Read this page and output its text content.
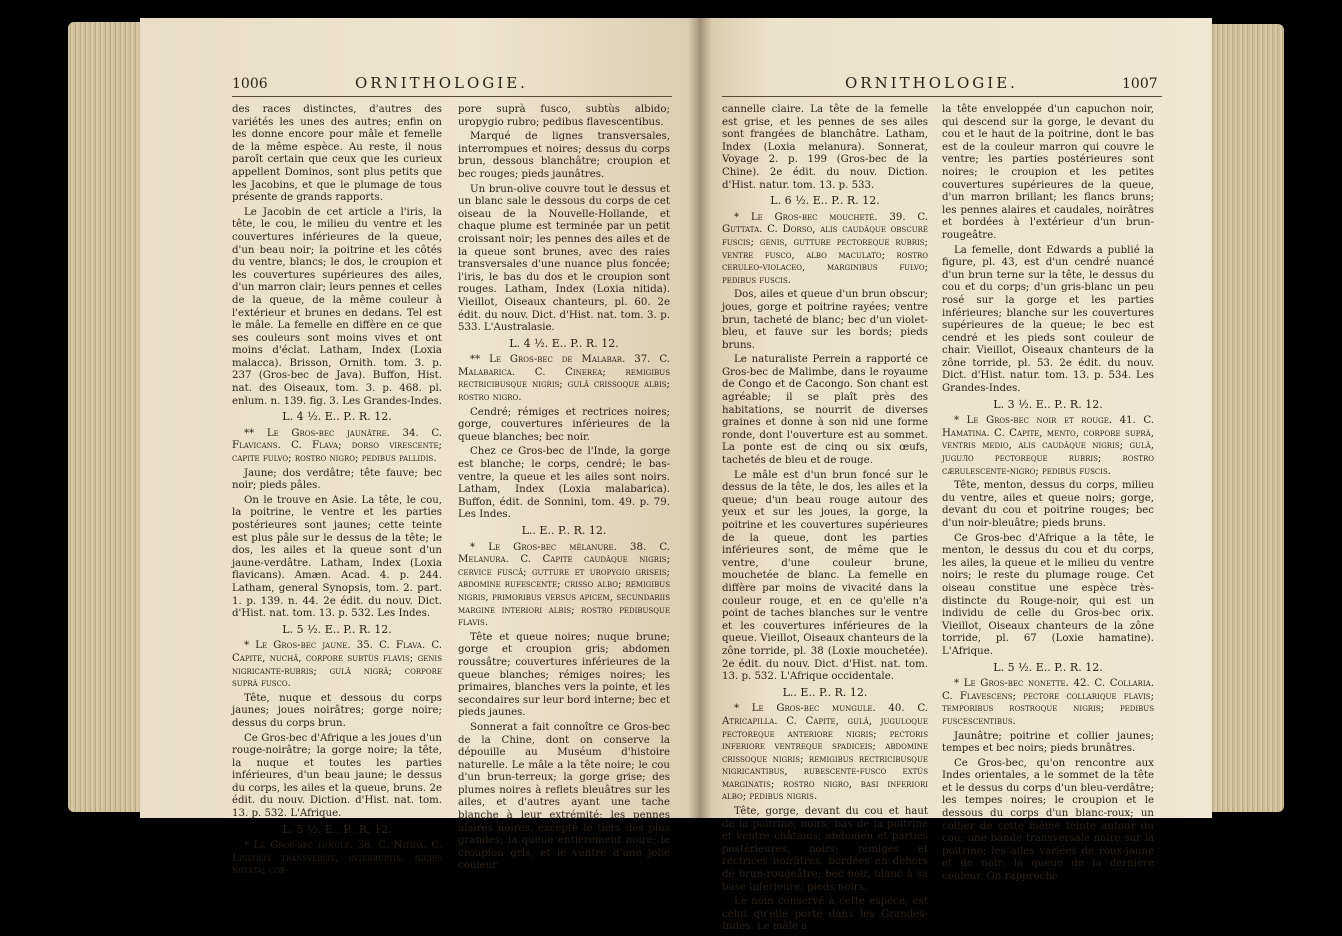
1006	ORNITHOLOGIE.

des races distinctes, d'autres des variétés les unes des autres; enfin on les donne encore pour mâle et femelle de la même espèce. Au reste, il nous paroît certain que ceux que les curieux appellent Dominos, sont plus petits que les Jacobins, et que le plumage de tous présente de grands rapports.

Le Jacobin de cet article a l'iris, la tête, le cou, le milieu du ventre et les couvertures inférieures de la queue, d'un beau noir; la poitrine et les côtés du ventre, blancs; le dos, le croupion et les couvertures supérieures des ailes, d'un marron clair; leurs pennes et celles de la queue, de la même couleur à l'extérieur et brunes en dedans. Tel est le mâle. La femelle en diffère en ce que ses couleurs sont moins vives et ont moins d'éclat. Latham, Index (Loxia malacca). Brisson, Ornith. tom. 3. p. 237 (Gros-bec de Java). Buffon, Hist. nat. des Oiseaux, tom. 3. p. 468. pl. enlum. n. 139. fig. 3. Les Grandes-Indes.

L. 4 ½. E.. P.. R. 12.

** Le Gros-bec jaunâtre. 34. C. Flavicans. C. Flava; dorso virescente; capite fulvo; rostro nigro; pedibus pallidis.

Jaune; dos verdâtre; tête fauve; bec noir; pieds pâles.

On le trouve en Asie. La tête, le cou, la poitrine, le ventre et les parties postérieures sont jaunes; cette teinte est plus pâle sur le dessus de la tête; le dos, les ailes et la queue sont d'un jaune-verdâtre. Latham, Index (Loxia flavicans). Amæn. Acad. 4. p. 244. Latham, general Synopsis, tom. 2. part. 1. p. 139. n. 44. 2e édit. du nouv. Dict. d'Hist. nat. tom. 13. p. 532. Les Indes.

L. 5 ½. E.. P.. R. 12.

* Le Gros-bec jaune. 35. C. Flava. C. Capite, nuchâ, corpore subtùs flavis; genis nigricante-rubris; gulâ nigrâ; corpore suprà fusco.

Tête, nuque et dessous du corps jaunes; joues noirâtres; gorge noire; dessus du corps brun.

Ce Gros-bec d'Afrique a les joues d'un rouge-noirâtre; la gorge noire; la tête, la nuque et toutes les parties inférieures, d'un beau jaune; le dessus du corps, les ailes et la queue, bruns. 2e édit. du nouv. Diction. d'Hist. nat. tom. 13. p. 532. L'Afrique.

L. 5 ½. E.. P.. R. 12.

* Le Gros-bec lunulé. 36. C. Nitida. C. Lineolis transversis, interruptis, nigris notata; cor-

pore suprà fusco, subtùs albido; uropygio rubro; pedibus flavescentibus.

Marqué de lignes transversales, interrompues et noires; dessus du corps brun, dessous blanchâtre; croupion et bec rouges; pieds jaunâtres.

Un brun-olive couvre tout le dessus et un blanc sale le dessous du corps de cet oiseau de la Nouvelle-Hollande, et chaque plume est terminée par un petit croissant noir; les pennes des ailes et de la queue sont brunes, avec des raies transversales d'une nuance plus foncée; l'iris, le bas du dos et le croupion sont rouges. Latham, Index (Loxia nitida). Vieillot, Oiseaux chanteurs, pl. 60. 2e édit. du nouv. Dict. d'Hist. nat. tom. 3. p. 533. L'Australasie.

L. 4 ½. E.. P.. R. 12.

** Le Gros-bec de Malabar. 37. C. Malabarica. C. Cinerea; remigibus rectricibusque nigris; gulâ crissoque albis; rostro nigro.

Cendré; rémiges et rectrices noires; gorge, couvertures inférieures de la queue blanches; bec noir.

Chez ce Gros-bec de l'Inde, la gorge est blanche; le corps, cendré; le bas-ventre, la queue et les ailes sont noirs. Latham, Index (Loxia malabarica). Buffon, édit. de Sonnini, tom. 49. p. 79. Les Indes.

L.. E.. P.. R. 12.

* Le Gros-bec mélanure. 38. C. Melanura. C. Capite caudâque nigris; cervice fuscâ; gutture et uropygio griseis; abdomine rufescente; crisso albo; remigibus nigris, primoribus versus apicem, secundariis margine interiori albis; rostro pedibusque flavis.

Tête et queue noires; nuque brune; gorge et croupion gris; abdomen roussâtre; couvertures inférieures de la queue blanches; rémiges noires; les primaires, blanches vers la pointe, et les secondaires sur leur bord interne; bec et pieds jaunes.

Sonnerat a fait connoître ce Gros-bec de la Chine, dont on conserve la dépouille au Muséum d'histoire naturelle. Le mâle a la tête noire; le cou d'un brun-terreux; la gorge grise; des plumes noires à reflets bleuâtres sur les ailes, et d'autres ayant une tache blanche à leur extrémité; les pennes alaires noires, excepté le tiers des plus grandes; la queue entièrement noire; le croupion gris, et le ventre d'une jolie couleur

ORNITHOLOGIE.	1007

cannelle claire. La tête de la femelle est grise, et les pennes de ses ailes sont frangées de blanchâtre. Latham, Index (Loxia melanura). Sonnerat, Voyage 2. p. 199 (Gros-bec de la Chine). 2e édit. du nouv. Diction. d'Hist. natur. tom. 13. p. 533.

L. 6 ½. E.. P.. R. 12.

* Le Gros-bec moucheté. 39. C. Guttata. C. Dorso, alis caudâque obscurè fuscis; genis, gutture pectoreque rubris; ventre fusco, albo maculato; rostro ceruleo-violaceo, marginibus fulvo; pedibus fuscis.

Dos, ailes et queue d'un brun obscur; joues, gorge et poitrine rayées; ventre brun, tacheté de blanc; bec d'un violet-bleu, et fauve sur les bords; pieds bruns.

Le naturaliste Perrein a rapporté ce Gros-bec de Malimbe, dans le royaume de Congo et de Cacongo. Son chant est agréable; il se plaît près des habitations, se nourrit de diverses graines et donne à son nid une forme ronde, dont l'ouverture est au sommet. La ponte est de cinq ou six œufs, tachetés de bleu et de rouge.

Le mâle est d'un brun foncé sur le dessus de la tête, le dos, les ailes et la queue; d'un beau rouge autour des yeux et sur les joues, la gorge, la poitrine et les couvertures supérieures de la queue, dont les parties inférieures sont, de même que le ventre, d'une couleur brune, mouchetée de blanc. La femelle en diffère par moins de vivacité dans la couleur rouge, et en ce qu'elle n'a point de taches blanches sur le ventre et les couvertures inférieures de la queue. Vieillot, Oiseaux chanteurs de la zône torride, pl. 38 (Loxie mouchetée). 2e édit. du nouv. Dict. d'Hist. nat. tom. 13. p. 532. L'Afrique occidentale.

L.. E.. P.. R. 12.

* Le Gros-bec mungule. 40. C. Atricapilla. C. Capite, gulâ, juguloque pectoreque anteriore nigris; pectoris inferiore ventreque spadiceis; abdomine crissoque nigris; remigibus rectricibusque nigricantibus, rubescente-fusco extùs marginatis; rostro nigro, basi inferiori albo; pedibus nigris.

Tête, gorge, devant du cou et haut de la poitrine, noirs; bas de la poitrine et ventre châtains; abdomen et parties postérieures, noirs; rémiges et rectrices noirâtres, bordées en dehors de brun-rougeâtre; bec noir, blanc à sa base inférieure; pieds noirs.

Le nom conservé à cette espèce, est celui qu'elle porte dans les Grandes-Indes. Le mâle a

la tête enveloppée d'un capuchon noir, qui descend sur la gorge, le devant du cou et le haut de la poitrine, dont le bas est de la couleur marron qui couvre le ventre; les parties postérieures sont noires; le croupion et les petites couvertures supérieures de la queue, d'un marron brillant; les flancs bruns; les pennes alaires et caudales, noirâtres et bordées à l'extérieur d'un brun-rougeâtre.

La femelle, dont Edwards a publié la figure, pl. 43, est d'un cendré nuancé d'un brun terne sur la tête, le dessus du cou et du corps; d'un gris-blanc un peu rosé sur la gorge et les parties inférieures; blanche sur les couvertures supérieures de la queue; le bec est cendré et les pieds sont couleur de chair. Vieillot, Oiseaux chanteurs de la zône torride, pl. 53. 2e édit. du nouv. Dict. d'Hist. natur. tom. 13. p. 534. Les Grandes-Indes.

L. 3 ½. E.. P.. R. 12.

* Le Gros-bec noir et rouge. 41. C. Hamatina. C. Capite, mento, corpore suprà, ventris medio, alis caudâque nigris; gulâ, juguло pectoreque rubris; rostro cærulescente-nigro; pedibus fuscis.

Tête, menton, dessus du corps, milieu du ventre, ailes et queue noirs; gorge, devant du cou et poitrine rouges; bec d'un noir-bleuâtre; pieds bruns.

Ce Gros-bec d'Afrique a la tête, le menton, le dessus du cou et du corps, les ailes, la queue et le milieu du ventre noirs; le reste du plumage rouge. Cet oiseau constitue une espèce très-distincte du Rouge-noir, qui est un individu de celle du Gros-bec orix. Vieillot, Oiseaux chanteurs de la zône torride, pl. 67 (Loxie hamatine). L'Afrique.

L. 5 ½. E.. P.. R. 12.

* Le Gros-bec nonette. 42. C. Collaria. C. Flavescens; pectore collarique flavis; temporibus rostroque nigris; pedibus fuscescentibus.

Jaunâtre; poitrine et collier jaunes; tempes et bec noirs; pieds brunâtres.

Ce Gros-bec, qu'on rencontre aux Indes orientales, a le sommet de la tête et le dessus du corps d'un bleu-verdâtre; les tempes noires; le croupion et le dessous du corps d'un blanc-roux; un collier de cette même teinte autour du cou; une bande transversale noire sur la poitrine; les ailes variées de roux-jaune et de noir; la queue de la dernière couleur. On rapproche
